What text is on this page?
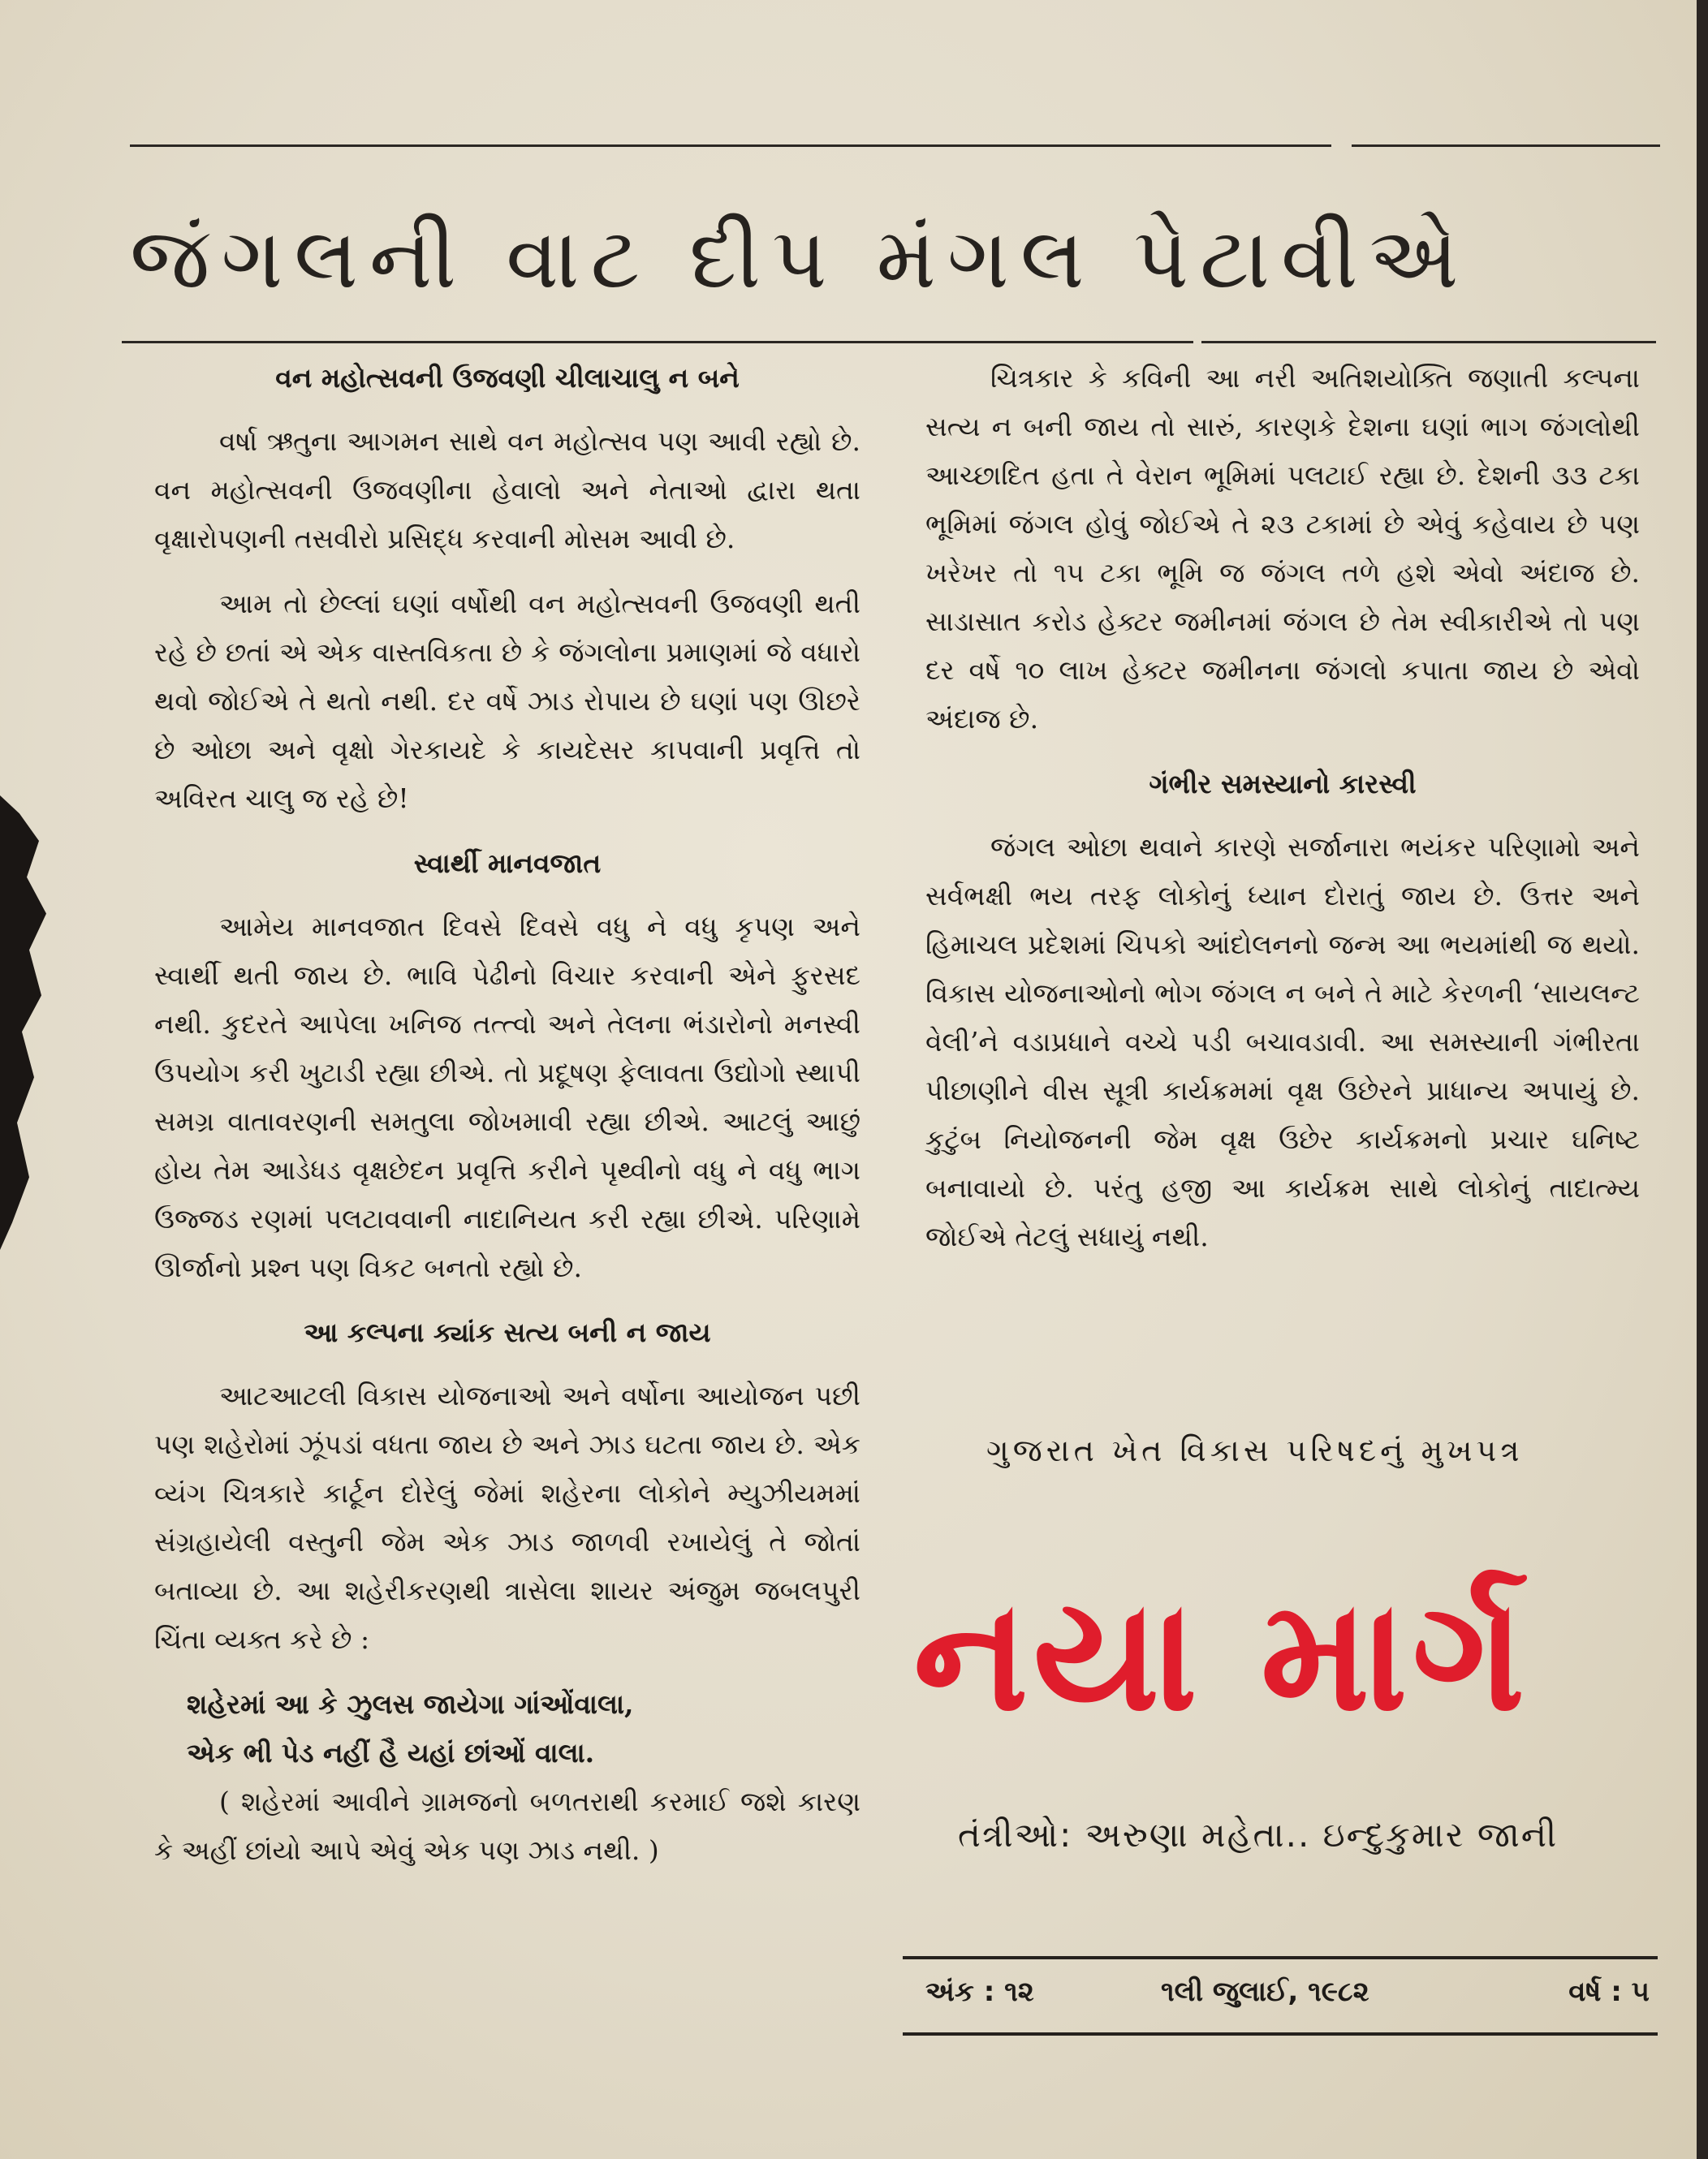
જંગલની વાટ દીપ મંગલ પેટાવીએ
વન મહોત્સવની ઉજવણી ચીલાચાલુ ન બને

વર્ષા ઋતુના આગમન સાથે વન મહોત્સવ પણ આવી રહ્યો છે. વન મહોત્સવની ઉજવણીના હેવાલો અને નેતાઓ દ્વારા થતા વૃક્ષારોપણની તસવીરો પ્રસિદ્ધ કરવાની મોસમ આવી છે.

આમ તો છેલ્લાં ઘણાં વર્ષોથી વન મહોત્સવની ઉજવણી થતી રહે છે છતાં એ એક વાસ્તવિકતા છે કે જંગલોના પ્રમાણમાં જે વધારો થવો જોઈએ તે થતો નથી. દર વર્ષે ઝાડ રોપાય છે ઘણાં પણ ઊછરે છે ઓછા અને વૃક્ષો ગેરકાયદે કે કાયદેસર કાપવાની પ્રવૃત્તિ તો અવિરત ચાલુ જ રહે છે!

સ્વાર્થી માનવજાત

આમેય માનવજાત દિવસે દિવસે વધુ ને વધુ કૃપણ અને સ્વાર્થી થતી જાય છે. ભાવિ પેઢીનો વિચાર કરવાની એને ફુરસદ નથી. કુદરતે આપેલા ખનિજ તત્ત્વો અને તેલના ભંડારોનો મનસ્વી ઉપયોગ કરી ખુટાડી રહ્યા છીએ. તો પ્રદૂષણ ફેલાવતા ઉદ્યોગો સ્થાપી સમગ્ર વાતાવરણની સમતુલા જોખમાવી રહ્યા છીએ. આટલું આછું હોય તેમ આડેધડ વૃક્ષછેદન પ્રવૃત્તિ કરીને પૃથ્વીનો વધુ ને વધુ ભાગ ઉજ્જડ રણમાં પલટાવવાની નાદાનિયત કરી રહ્યા છીએ. પરિણામે ઊર્જાનો પ્રશ્ન પણ વિકટ બનતો રહ્યો છે.

આ કલ્પના ક્યાંક સત્ય બની ન જાય

આટઆટલી વિકાસ યોજનાઓ અને વર્ષોના આયોજન પછી પણ શહેરોમાં ઝૂંપડાં વધતા જાય છે અને ઝાડ ઘટતા જાય છે. એક વ્યંગ ચિત્રકારે કાર્ટૂન દોરેલું જેમાં શહેરના લોકોને મ્યુઝીયમમાં સંગ્રહાયેલી વસ્તુની જેમ એક ઝાડ જાળવી રખાયેલું તે જોતાં બતાવ્યા છે. આ શહેરીકરણથી ત્રાસેલા શાયર અંજુમ જબલપુરી ચિંતા વ્યક્ત કરે છે :

શહેરમાં આ કે ઝુલસ જાયેગા ગાંઓંવાલા,
એક ભી પેડ નહીં હૈ યહાં છાંઓં વાલા.

( શહેરમાં આવીને ગ્રામજનો બળતરાથી કરમાઈ જશે કારણ કે અહીં છાંયો આપે એવું એક પણ ઝાડ નથી. )

ચિત્રકાર કે કવિની આ નરી અતિશયોક્તિ જણાતી કલ્પના સત્ય ન બની જાય તો સારું, કારણકે દેશના ઘણાં ભાગ જંગલોથી આચ્છાદિત હતા તે વેરાન ભૂમિમાં પલટાઈ રહ્યા છે. દેશની ૩૩ ટકા ભૂમિમાં જંગલ હોવું જોઈએ તે ૨૩ ટકામાં છે એવું કહેવાય છે પણ ખરેખર તો ૧૫ ટકા ભૂમિ જ જંગલ તળે હશે એવો અંદાજ છે. સાડાસાત કરોડ હેક્ટર જમીનમાં જંગલ છે તેમ સ્વીકારીએ તો પણ દર વર્ષે ૧૦ લાખ હેક્ટર જમીનના જંગલો કપાતા જાય છે એવો અંદાજ છે.

ગંભીર સમસ્યાનો કારસ્વી

જંગલ ઓછા થવાને કારણે સર્જાનારા ભયંકર પરિણામો અને સર્વભક્ષી ભય તરફ લોકોનું ધ્યાન દોરાતું જાય છે. ઉત્તર અને હિમાચલ પ્રદેશમાં ચિપકો આંદોલનનો જન્મ આ ભયમાંથી જ થયો. વિકાસ યોજનાઓનો ભોગ જંગલ ન બને તે માટે કેરળની ‘સાયલન્ટ વેલી’ને વડાપ્રધાને વચ્ચે પડી બચાવડાવી. આ સમસ્યાની ગંભીરતા પીછાણીને વીસ સૂત્રી કાર્યક્રમમાં વૃક્ષ ઉછેરને પ્રાધાન્ય અપાયું છે. કુટુંબ નિયોજનની જેમ વૃક્ષ ઉછેર કાર્યક્રમનો પ્રચાર ઘનિષ્ટ બનાવાયો છે. પરંતુ હજી આ કાર્યક્રમ સાથે લોકોનું તાદાત્મ્ય જોઈએ તેટલું સધાયું નથી.

ગુજરાત ખેત વિકાસ પરિષદનું મુખપત્ર
નયા માર્ગ
તંત્રીઓ: અરુણા મહેતા.. ઇન્દુકુમાર જાની
અંક : ૧૨	૧લી જુલાઈ, ૧૯૮૨	વર્ષ : ૫
